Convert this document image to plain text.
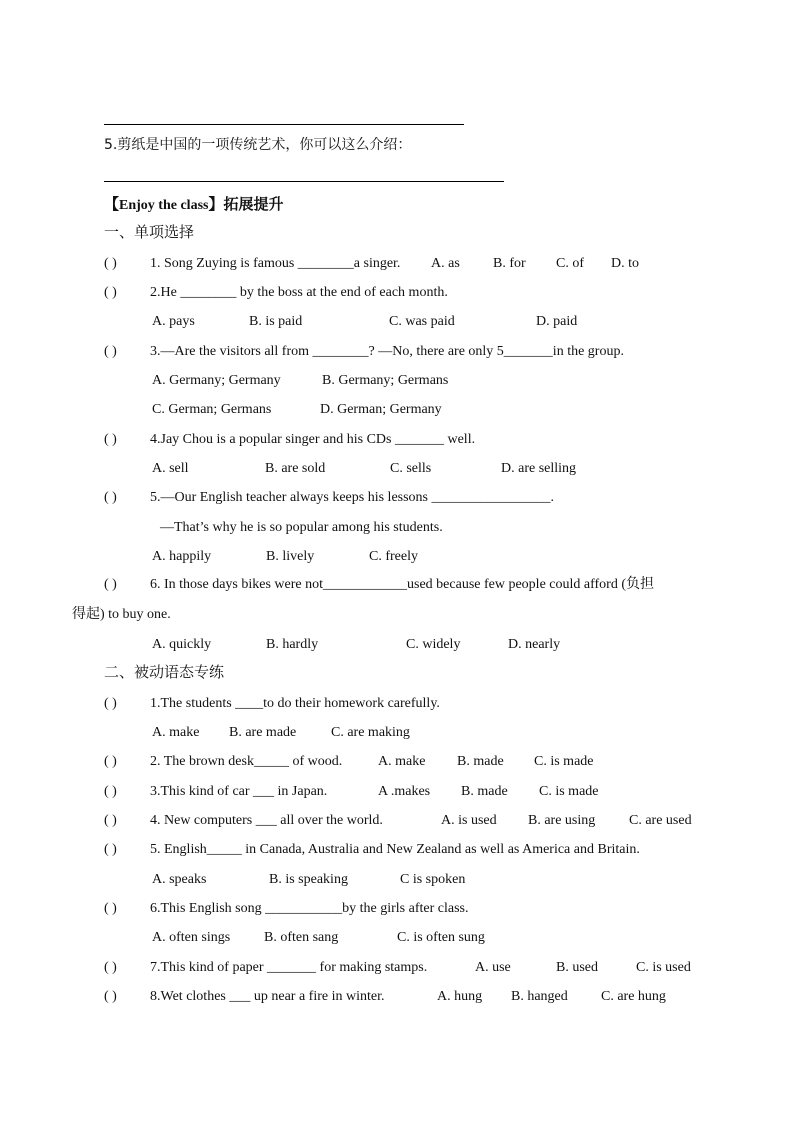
5.剪纸是中国的一项传统艺术，你可以这么介绍：
【Enjoy the class】拓展提升
一、单项选择
( ) 1. Song Zuying is famous ________a singer. A. as B. for C. of D. to
( ) 2.He ________ by the boss at the end of each month.
A. pays	B. is paid	C. was paid	D. paid
( ) 3.—Are the visitors all from ________? —No, there are only 5_______in the group.
A. Germany; Germany	B. Germany; Germans
C. German; Germans	D. German; Germany
( ) 4.Jay Chou is a popular singer and his CDs _______ well.
A. sell	B. are sold	C. sells	D. are selling
( ) 5.—Our English teacher always keeps his lessons _________________.
—That’s why he is so popular among his students.
A. happily	B. lively	C. freely
( ) 6. In those days bikes were not____________used because few people could afford (负担
得起) to buy one.
A. quickly	B. hardly	C. widely	D. nearly
二、被动语态专练
( ) 1.The students ____to do their homework carefully.
A. make B. are made C. are making
( ) 2. The brown desk_____ of wood.	A. make B. made C. is made
( ) 3.This kind of car ___ in Japan.	A .makes B. made C. is made
( ) 4. New computers ___ all over the world.	A. is used B. are using C. are used
( ) 5. English_____ in Canada, Australia and New Zealand as well as America and Britain.
A. speaks	B. is speaking	C is spoken
( ) 6.This English song ___________by the girls after class.
A. often sings B. often sang	C. is often sung
( ) 7.This kind of paper _______ for making stamps.	A. use	B. used	C. is used
( ) 8.Wet clothes ___ up near a fire in winter.	A. hung B. hanged C. are hung
